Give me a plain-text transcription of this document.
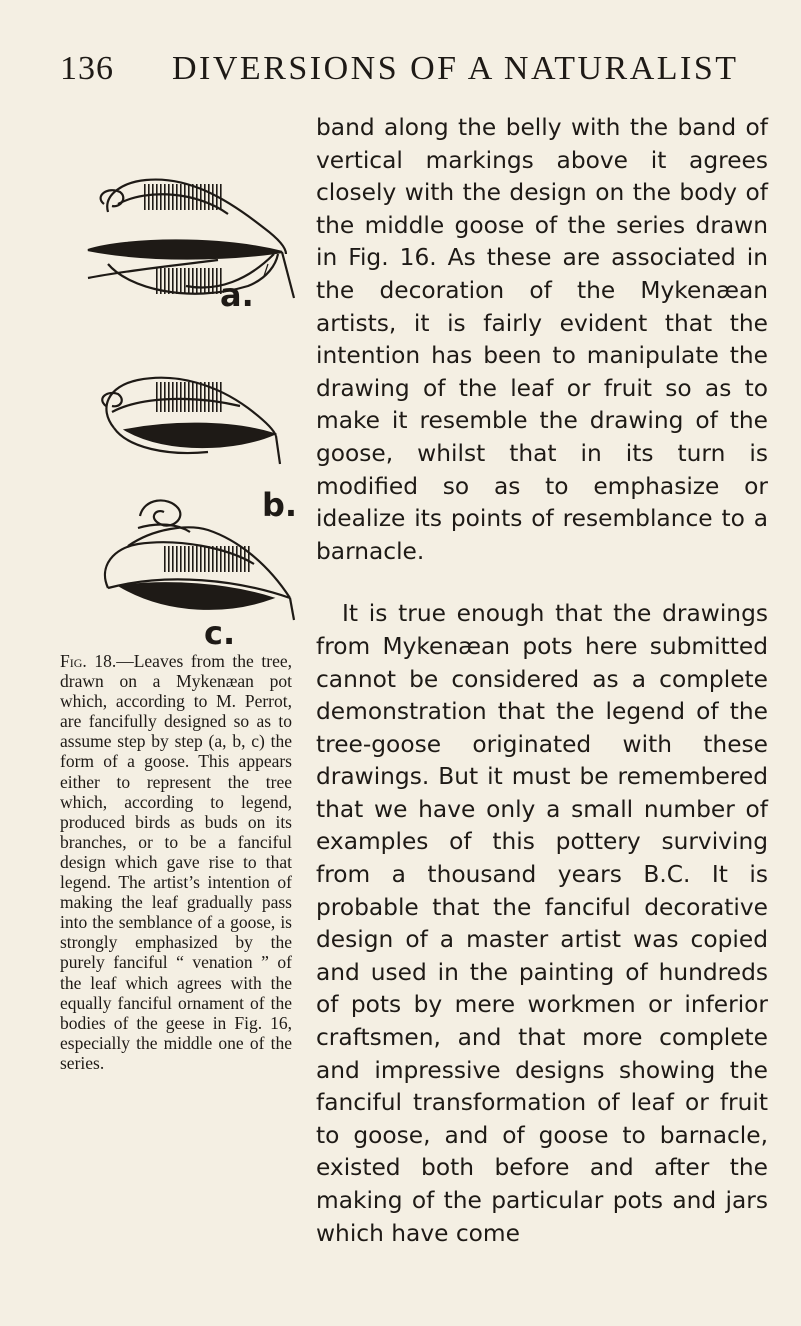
136 DIVERSIONS OF A NATURALIST
a.
b.
c.
Fig. 18.—Leaves from the tree, drawn on a Mykenæan pot which, according to M. Perrot, are fancifully designed so as to assume step by step (a, b, c) the form of a goose. This appears either to represent the tree which, according to legend, produced birds as buds on its branches, or to be a fanciful design which gave rise to that legend. The artist’s intention of making the leaf gradually pass into the semblance of a goose, is strongly emphasized by the purely fanciful “ venation ” of the leaf which agrees with the equally fanciful ornament of the bodies of the geese in Fig. 16, especially the middle one of the series.

band along the belly with the band of vertical markings above it agrees closely with the design on the body of the middle goose of the series drawn in Fig. 16. As these are associated in the decoration of the Mykenæan artists, it is fairly evident that the intention has been to manipulate the drawing of the leaf or fruit so as to make it resemble the drawing of the goose, whilst that in its turn is modified so as to emphasize or idealize its points of resemblance to a barnacle.

It is true enough that the drawings from Mykenæan pots here submitted cannot be considered as a complete demonstration that the legend of the tree-goose originated with these drawings. But it must be remembered that we have only a small number of examples of this pottery surviving from a thousand years B.C. It is probable that the fanciful decorative design of a master artist was copied and used in the painting of hundreds of pots by mere workmen or inferior craftsmen, and that more complete and impressive designs showing the fanciful transformation of leaf or fruit to goose, and of goose to barnacle, existed both before and after the making of the particular pots and jars which have come
